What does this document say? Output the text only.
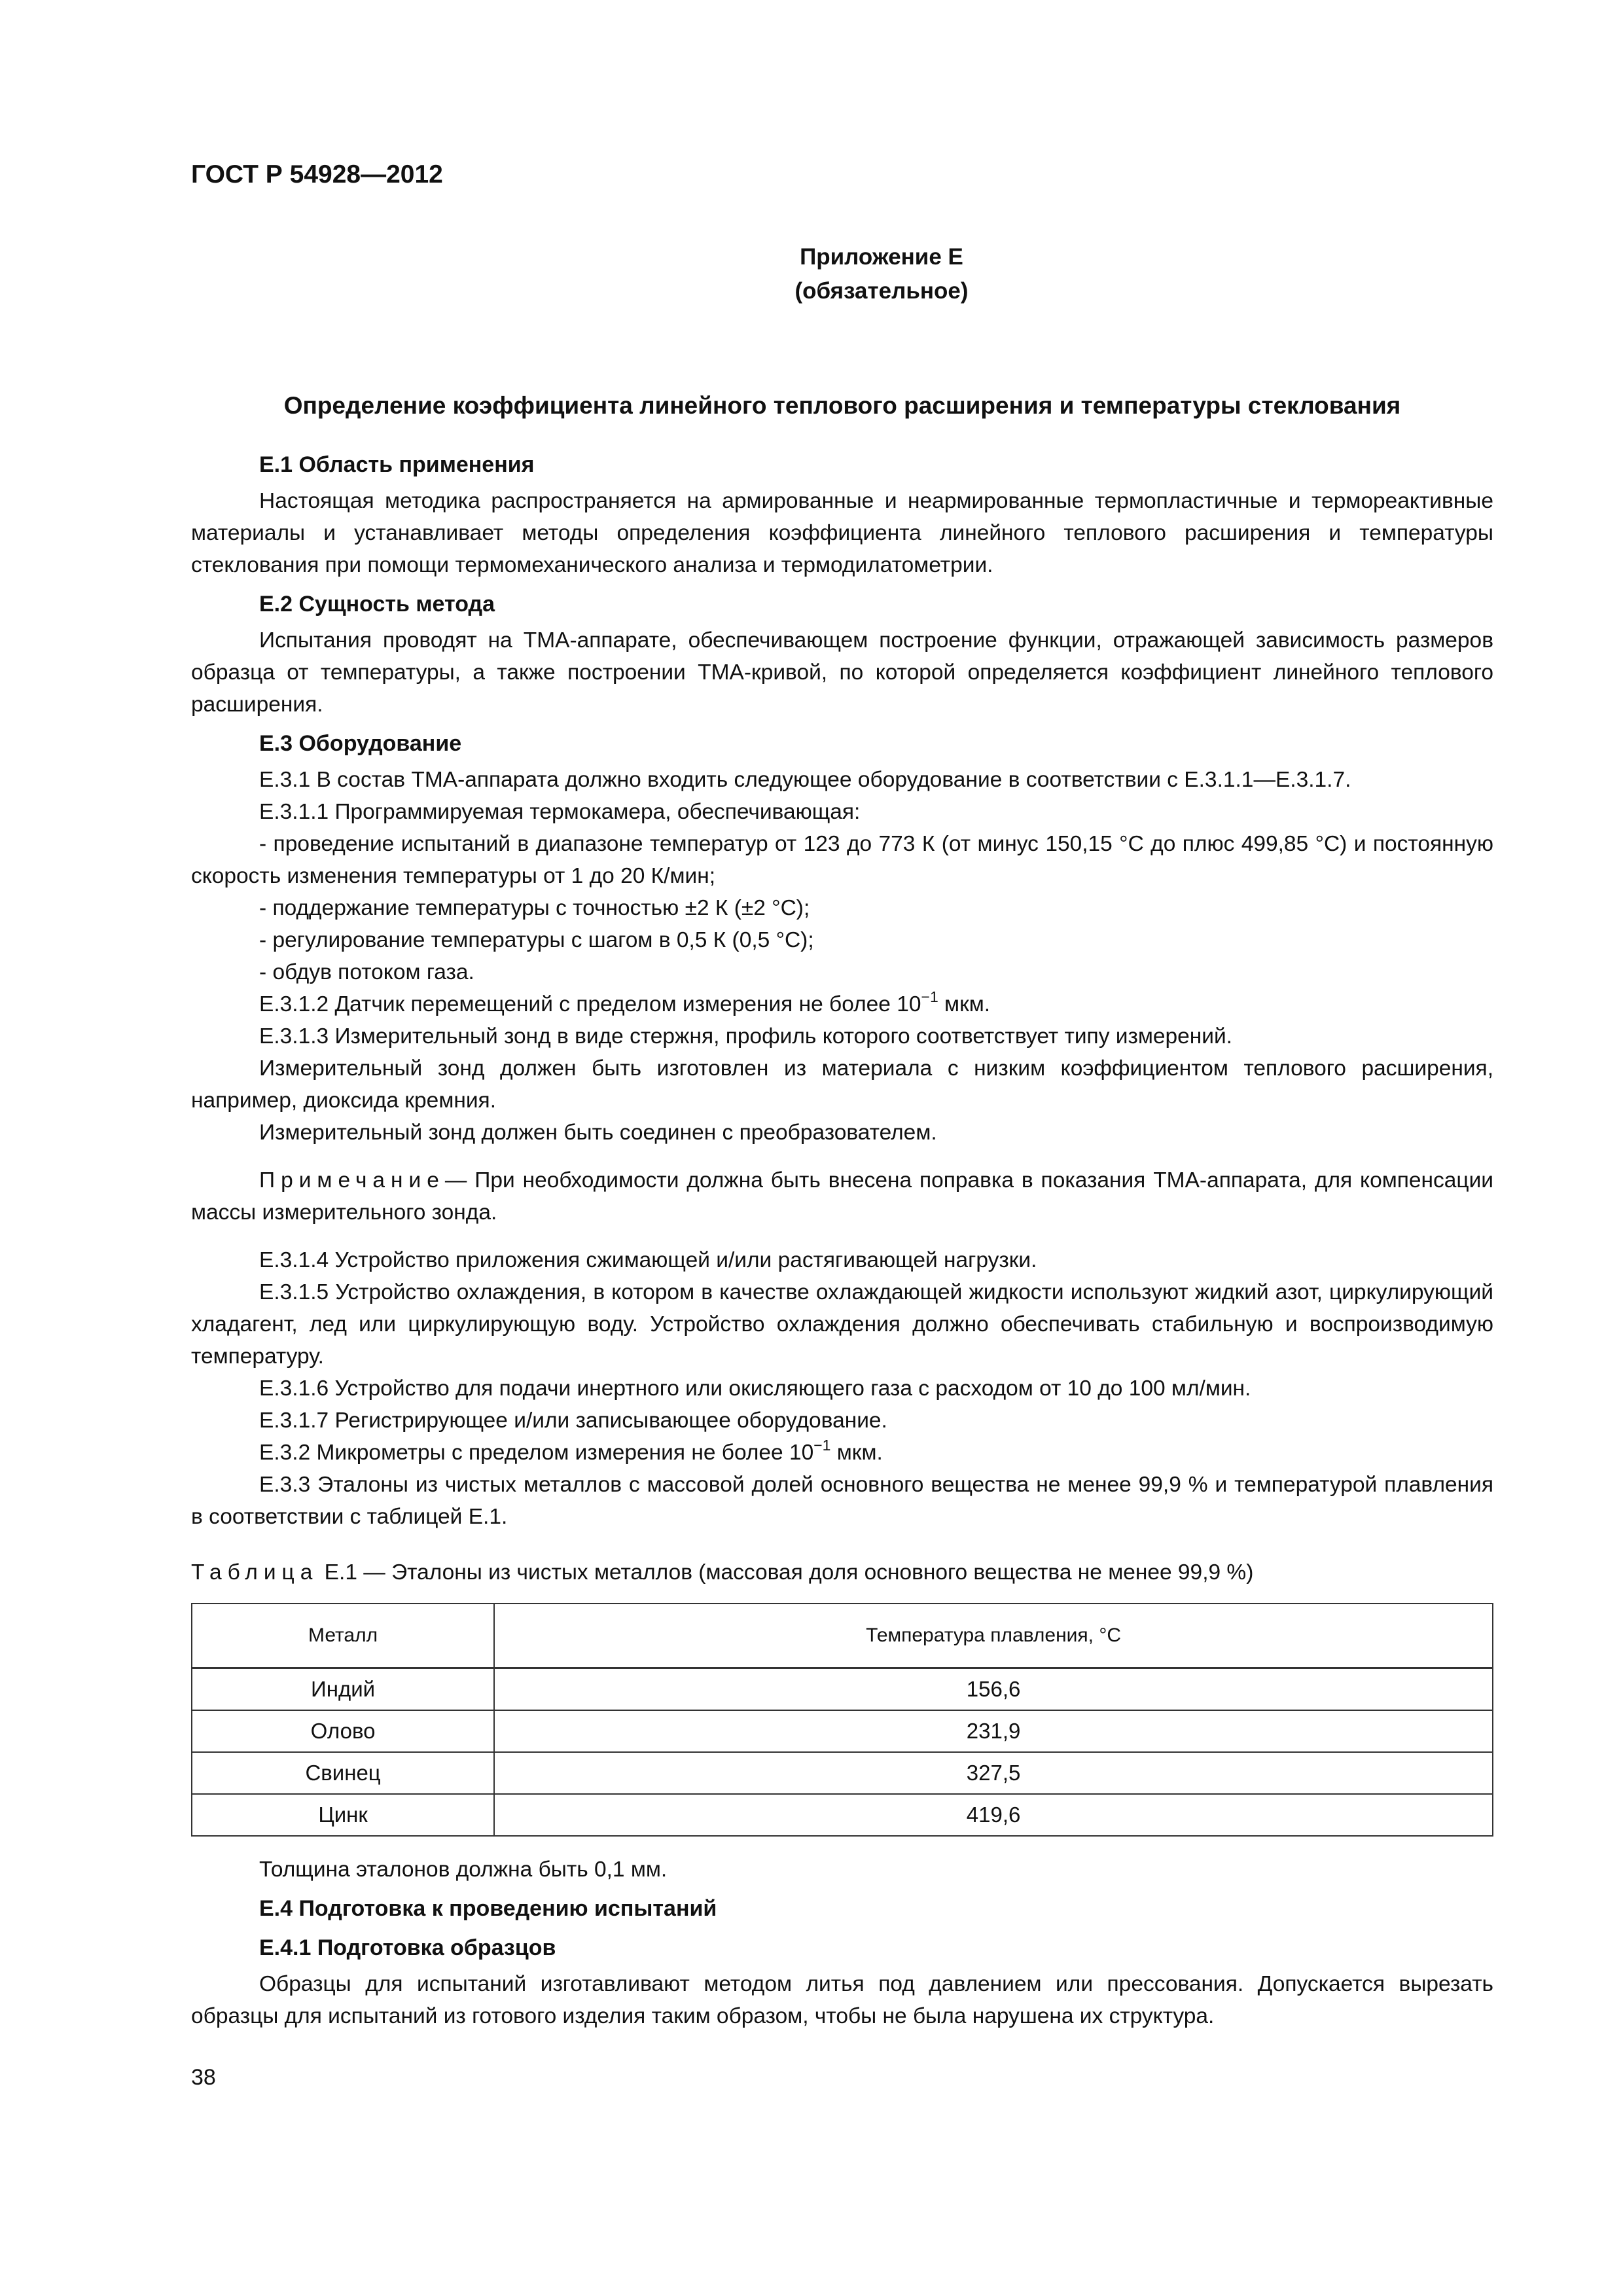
ГОСТ Р 54928—2012
Приложение Е
(обязательное)
Определение коэффициента линейного теплового расширения и температуры стеклования
Е.1 Область применения

Настоящая методика распространяется на армированные и неармированные термопластичные и термореактивные материалы и устанавливает методы определения коэффициента линейного теплового расширения и температуры стеклования при помощи термомеханического анализа и термодилатометрии.

Е.2 Сущность метода

Испытания проводят на ТМА-аппарате, обеспечивающем построение функции, отражающей зависимость размеров образца от температуры, а также построении ТМА-кривой, по которой определяется коэффициент линейного теплового расширения.

Е.3 Оборудование

Е.3.1 В состав ТМА-аппарата должно входить следующее оборудование в соответствии с Е.3.1.1—Е.3.1.7.

Е.3.1.1 Программируемая термокамера, обеспечивающая:

- проведение испытаний в диапазоне температур от 123 до 773 К (от минус 150,15 °С до плюс 499,85 °С) и постоянную скорость изменения температуры от 1 до 20 К/мин;

- поддержание температуры с точностью ±2 К (±2 °С);

- регулирование температуры с шагом в 0,5 К (0,5 °С);

- обдув потоком газа.

Е.3.1.2 Датчик перемещений с пределом измерения не более $10^{-1}$ мкм.

Е.3.1.3 Измерительный зонд в виде стержня, профиль которого соответствует типу измерений.

Измерительный зонд должен быть изготовлен из материала с низким коэффициентом теплового расширения, например, диоксида кремния.

Измерительный зонд должен быть соединен с преобразователем.

Примечание— При необходимости должна быть внесена поправка в показания ТМА-аппарата, для компенсации массы измерительного зонда.

Е.3.1.4 Устройство приложения сжимающей и/или растягивающей нагрузки.

Е.3.1.5 Устройство охлаждения, в котором в качестве охлаждающей жидкости используют жидкий азот, циркулирующий хладагент, лед или циркулирующую воду. Устройство охлаждения должно обеспечивать стабильную и воспроизводимую температуру.

Е.3.1.6 Устройство для подачи инертного или окисляющего газа с расходом от 10 до 100 мл/мин.

Е.3.1.7 Регистрирующее и/или записывающее оборудование.

Е.3.2 Микрометры с пределом измерения не более $10^{-1}$ мкм.

Е.3.3 Эталоны из чистых металлов с массовой долей основного вещества не менее 99,9 % и температурой плавления в соответствии с таблицей Е.1.

Таблица Е.1 — Эталоны из чистых металлов (массовая доля основного вещества не менее 99,9 %)
Металл	Температура плавления, °С
Индий	156,6
Олово	231,9
Свинец	327,5
Цинк	419,6

Толщина эталонов должна быть 0,1 мм.

Е.4 Подготовка к проведению испытаний
Е.4.1 Подготовка образцов

Образцы для испытаний изготавливают методом литья под давлением или прессования. Допускается вырезать образцы для испытаний из готового изделия таким образом, чтобы не была нарушена их структура.

38
